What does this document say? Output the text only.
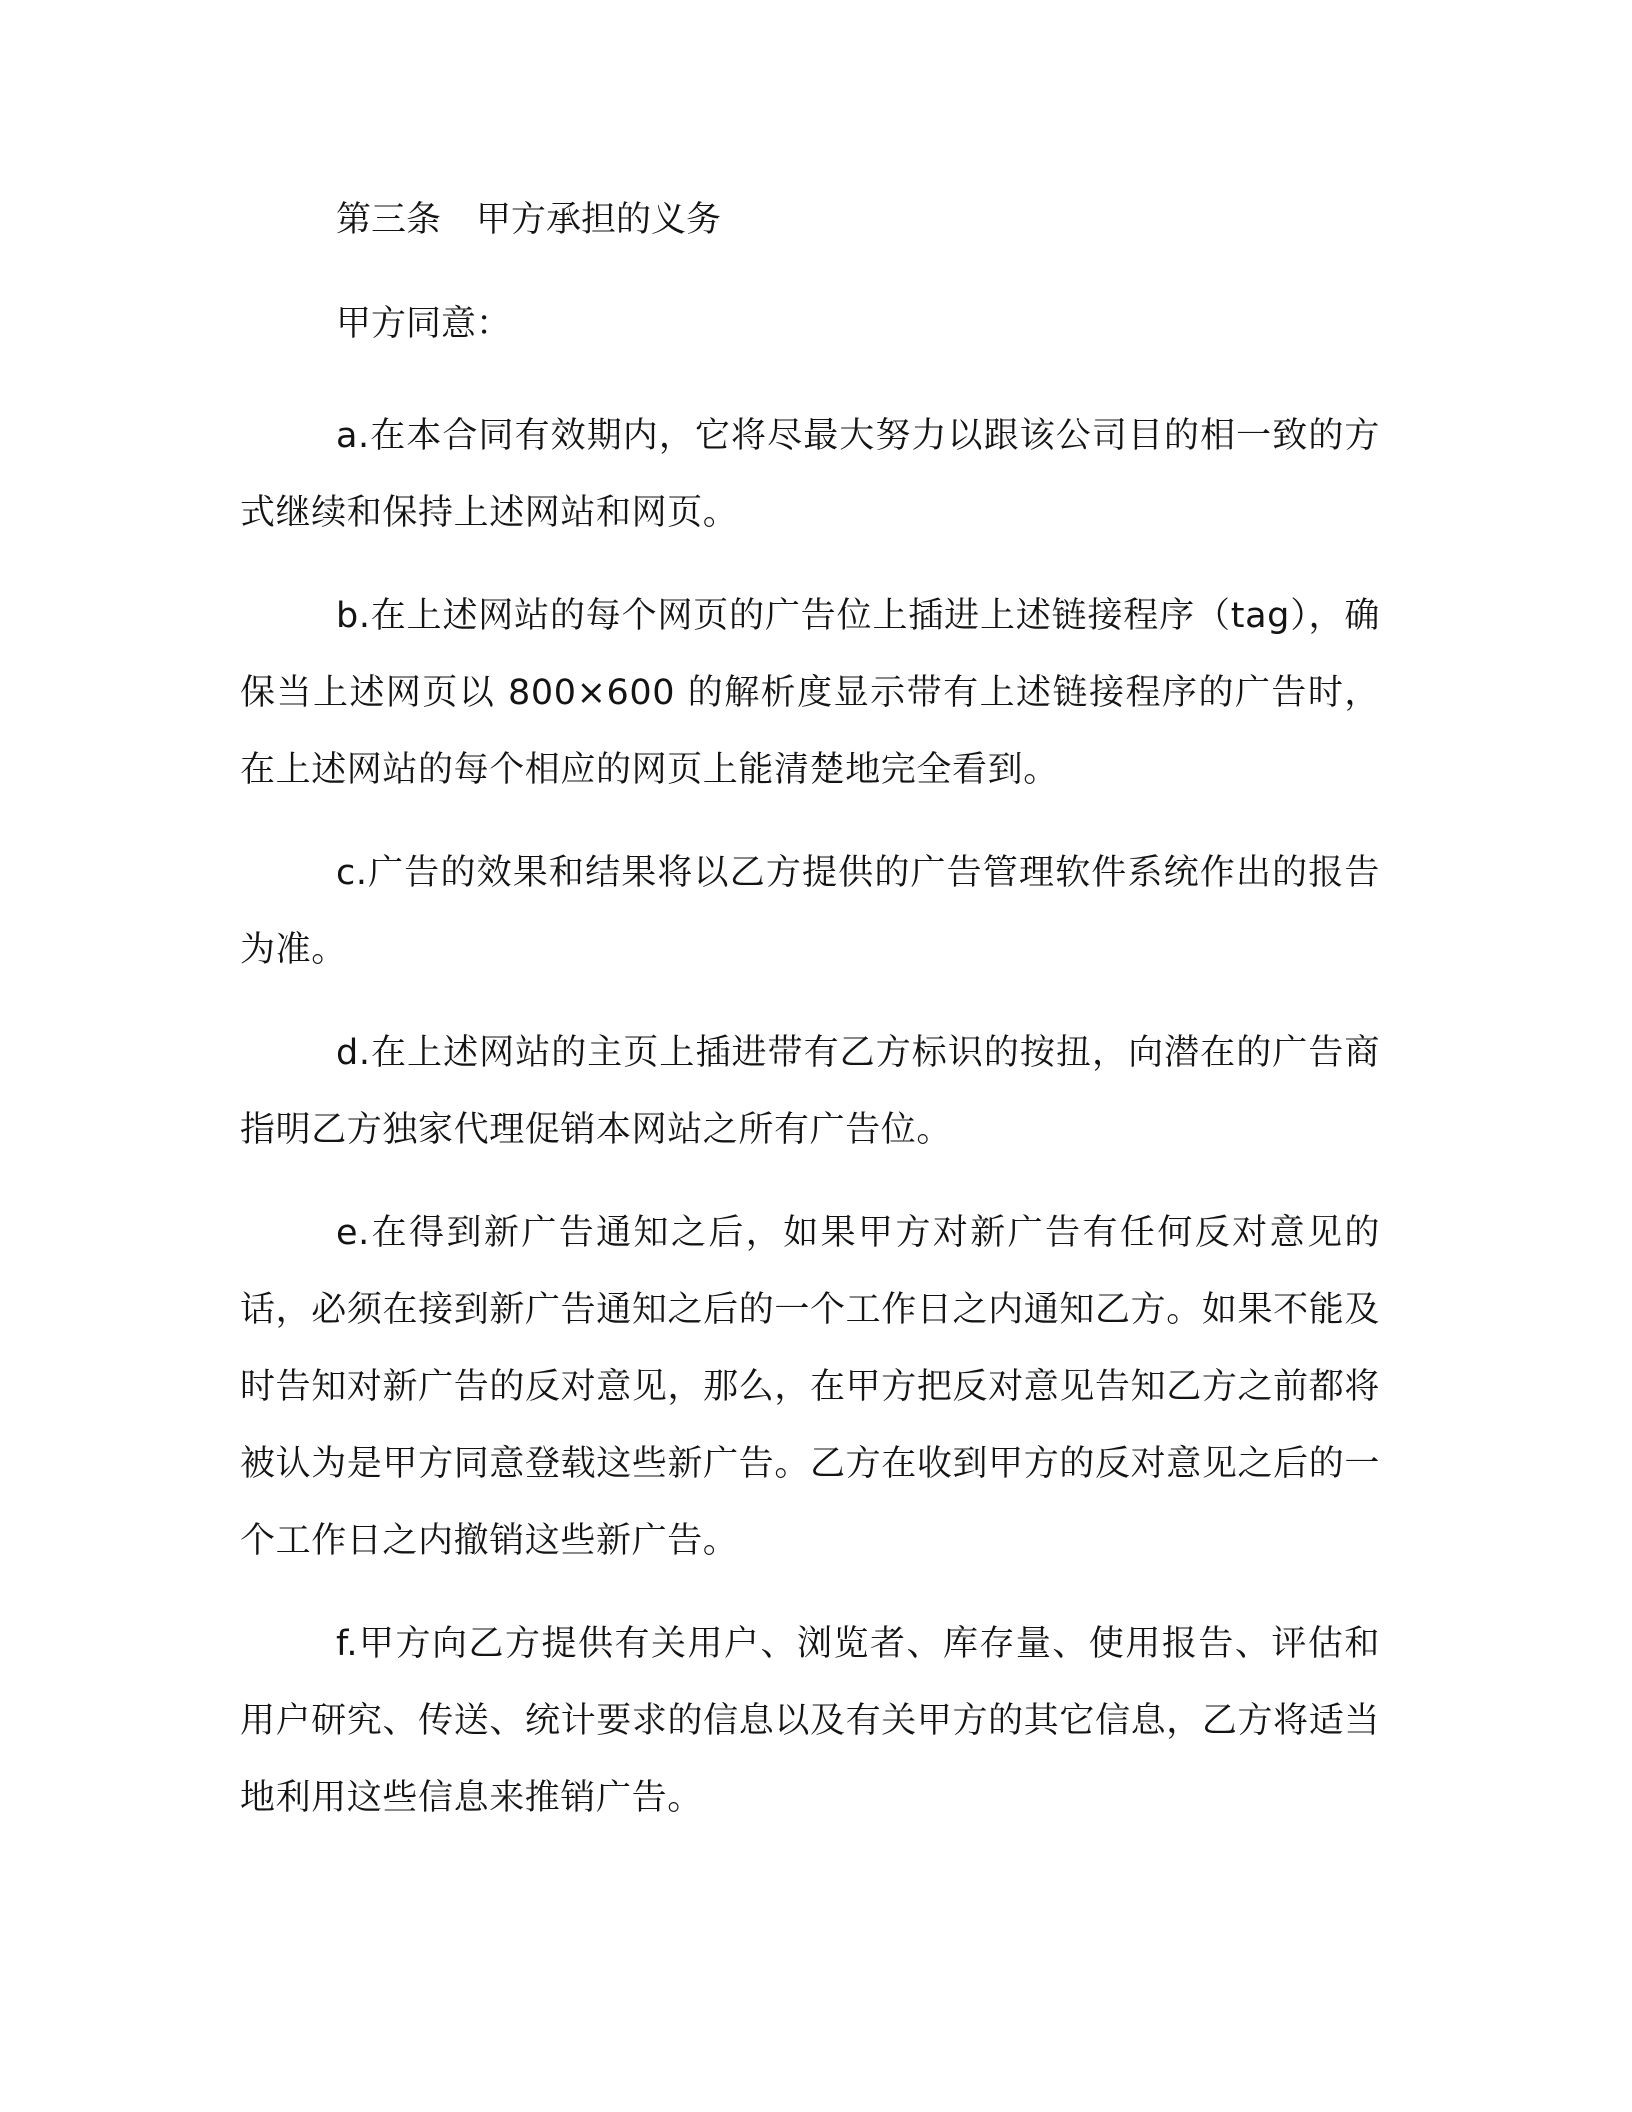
第三条　甲方承担的义务

甲方同意：

a.在本合同有效期内，它将尽最大努力以跟该公司目的相一致的方式继续和保持上述网站和网页。

b.在上述网站的每个网页的广告位上插进上述链接程序（tag），确保当上述网页以 800×600 的解析度显示带有上述链接程序的广告时，在上述网站的每个相应的网页上能清楚地完全看到。

c.广告的效果和结果将以乙方提供的广告管理软件系统作出的报告为准。

d.在上述网站的主页上插进带有乙方标识的按扭，向潜在的广告商指明乙方独家代理促销本网站之所有广告位。

e.在得到新广告通知之后，如果甲方对新广告有任何反对意见的话，必须在接到新广告通知之后的一个工作日之内通知乙方。如果不能及时告知对新广告的反对意见，那么，在甲方把反对意见告知乙方之前都将被认为是甲方同意登载这些新广告。乙方在收到甲方的反对意见之后的一个工作日之内撤销这些新广告。

f.甲方向乙方提供有关用户、浏览者、库存量、使用报告、评估和用户研究、传送、统计要求的信息以及有关甲方的其它信息，乙方将适当地利用这些信息来推销广告。
